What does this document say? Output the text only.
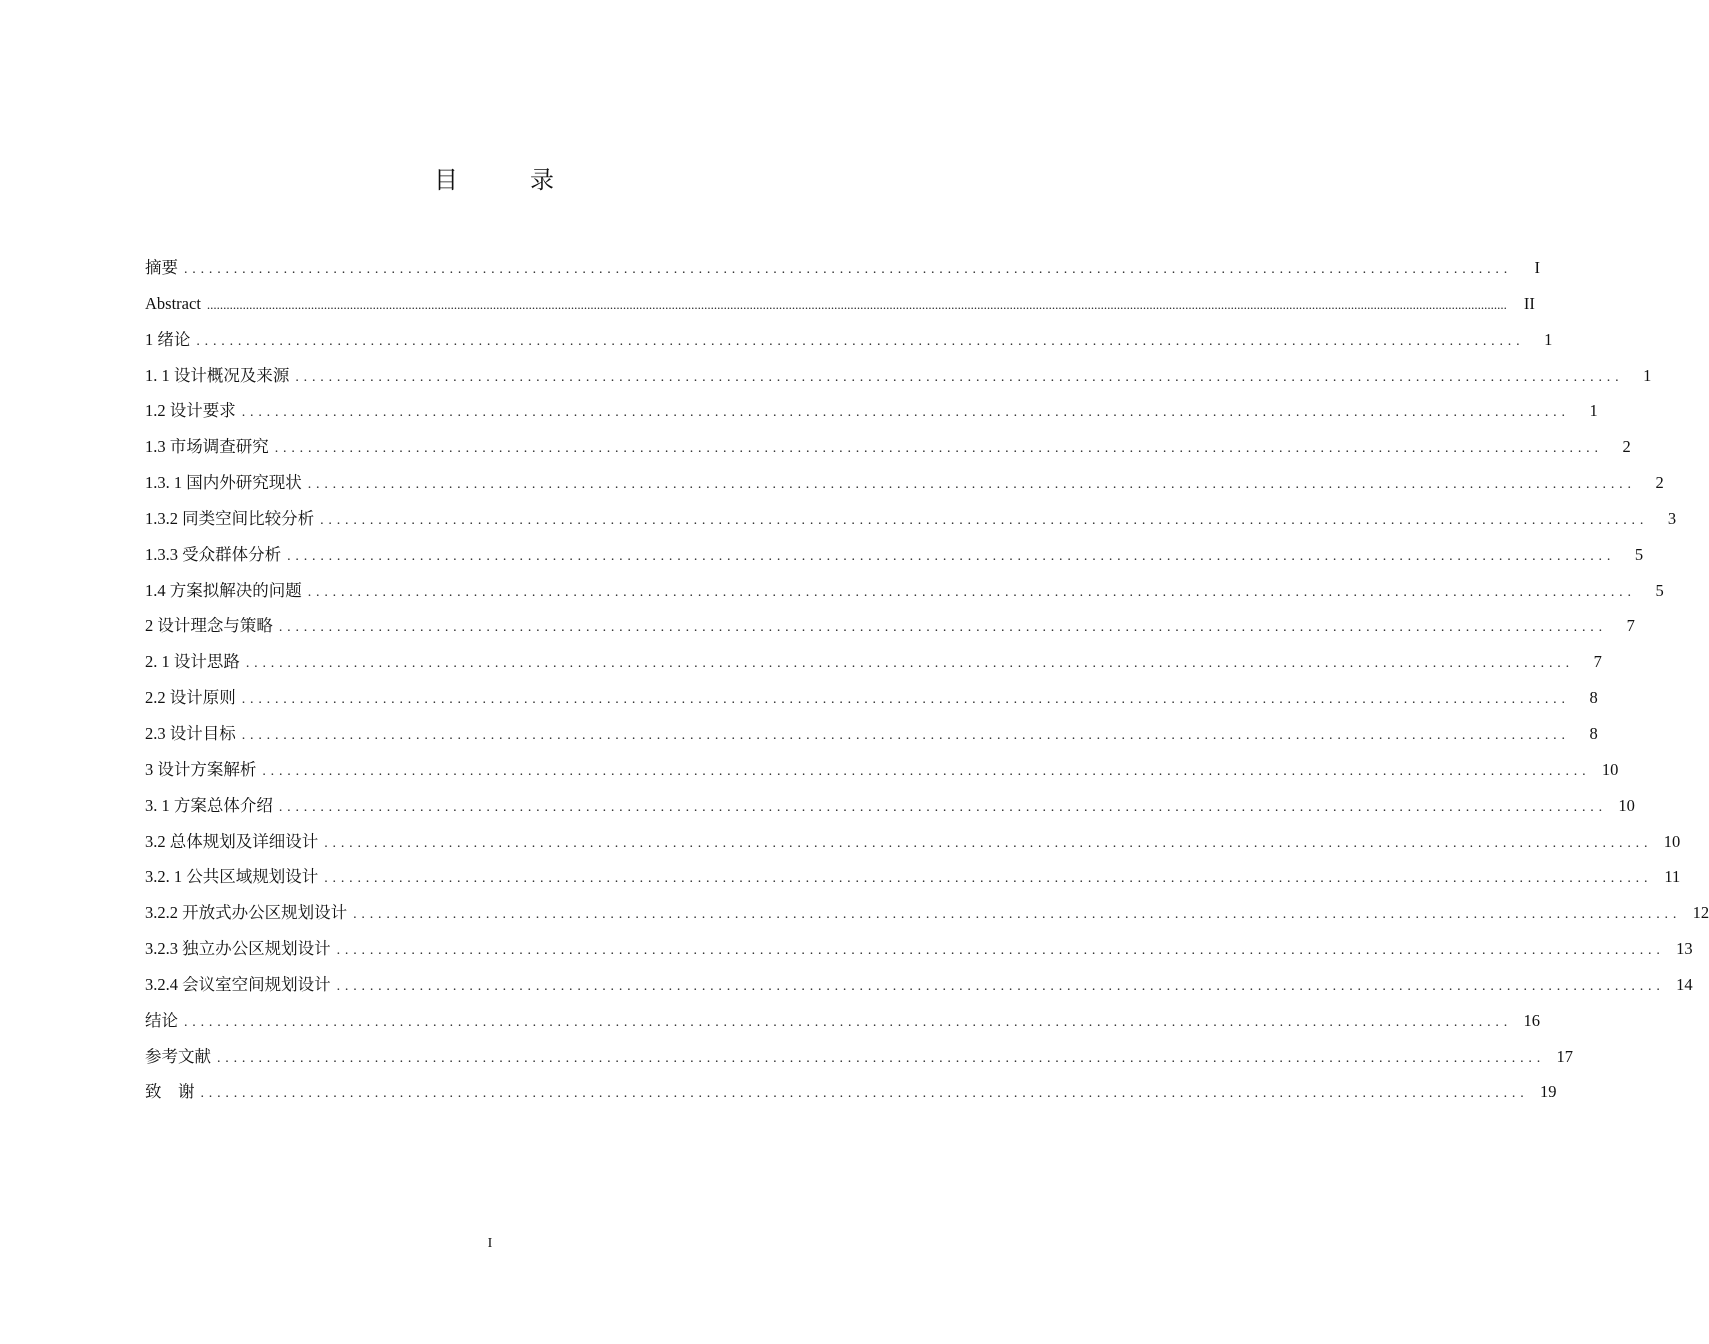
目　录
摘要 ................................................................................................................................................................	I
Abstract ................................................................................................................................................................................................................................................................................................................................................................................................................	II
1 绪论 ................................................................................................................................................................	1
1. 1 设计概况及来源 ................................................................................................................................................................	1
1.2 设计要求 ................................................................................................................................................................	1
1.3 市场调查研究 ................................................................................................................................................................	2
1.3. 1 国内外研究现状 ................................................................................................................................................................	2
1.3.2 同类空间比较分析 ................................................................................................................................................................	3
1.3.3 受众群体分析 ................................................................................................................................................................	5
1.4 方案拟解决的问题 ................................................................................................................................................................	5
2 设计理念与策略 ................................................................................................................................................................	7
2. 1 设计思路 ................................................................................................................................................................	7
2.2 设计原则 ................................................................................................................................................................	8
2.3 设计目标 ................................................................................................................................................................	8
3 设计方案解析 ................................................................................................................................................................ 10
3. 1 方案总体介绍 ................................................................................................................................................................ 10
3.2 总体规划及详细设计 ................................................................................................................................................................ 10
3.2. 1 公共区域规划设计 ................................................................................................................................................................ 11
3.2.2 开放式办公区规划设计 ................................................................................................................................................................ 12
3.2.3 独立办公区规划设计 ................................................................................................................................................................ 13
3.2.4 会议室空间规划设计 ................................................................................................................................................................ 14
结论 ................................................................................................................................................................ 16
参考文献 ................................................................................................................................................................ 17
致　谢 ................................................................................................................................................................ 19
I
